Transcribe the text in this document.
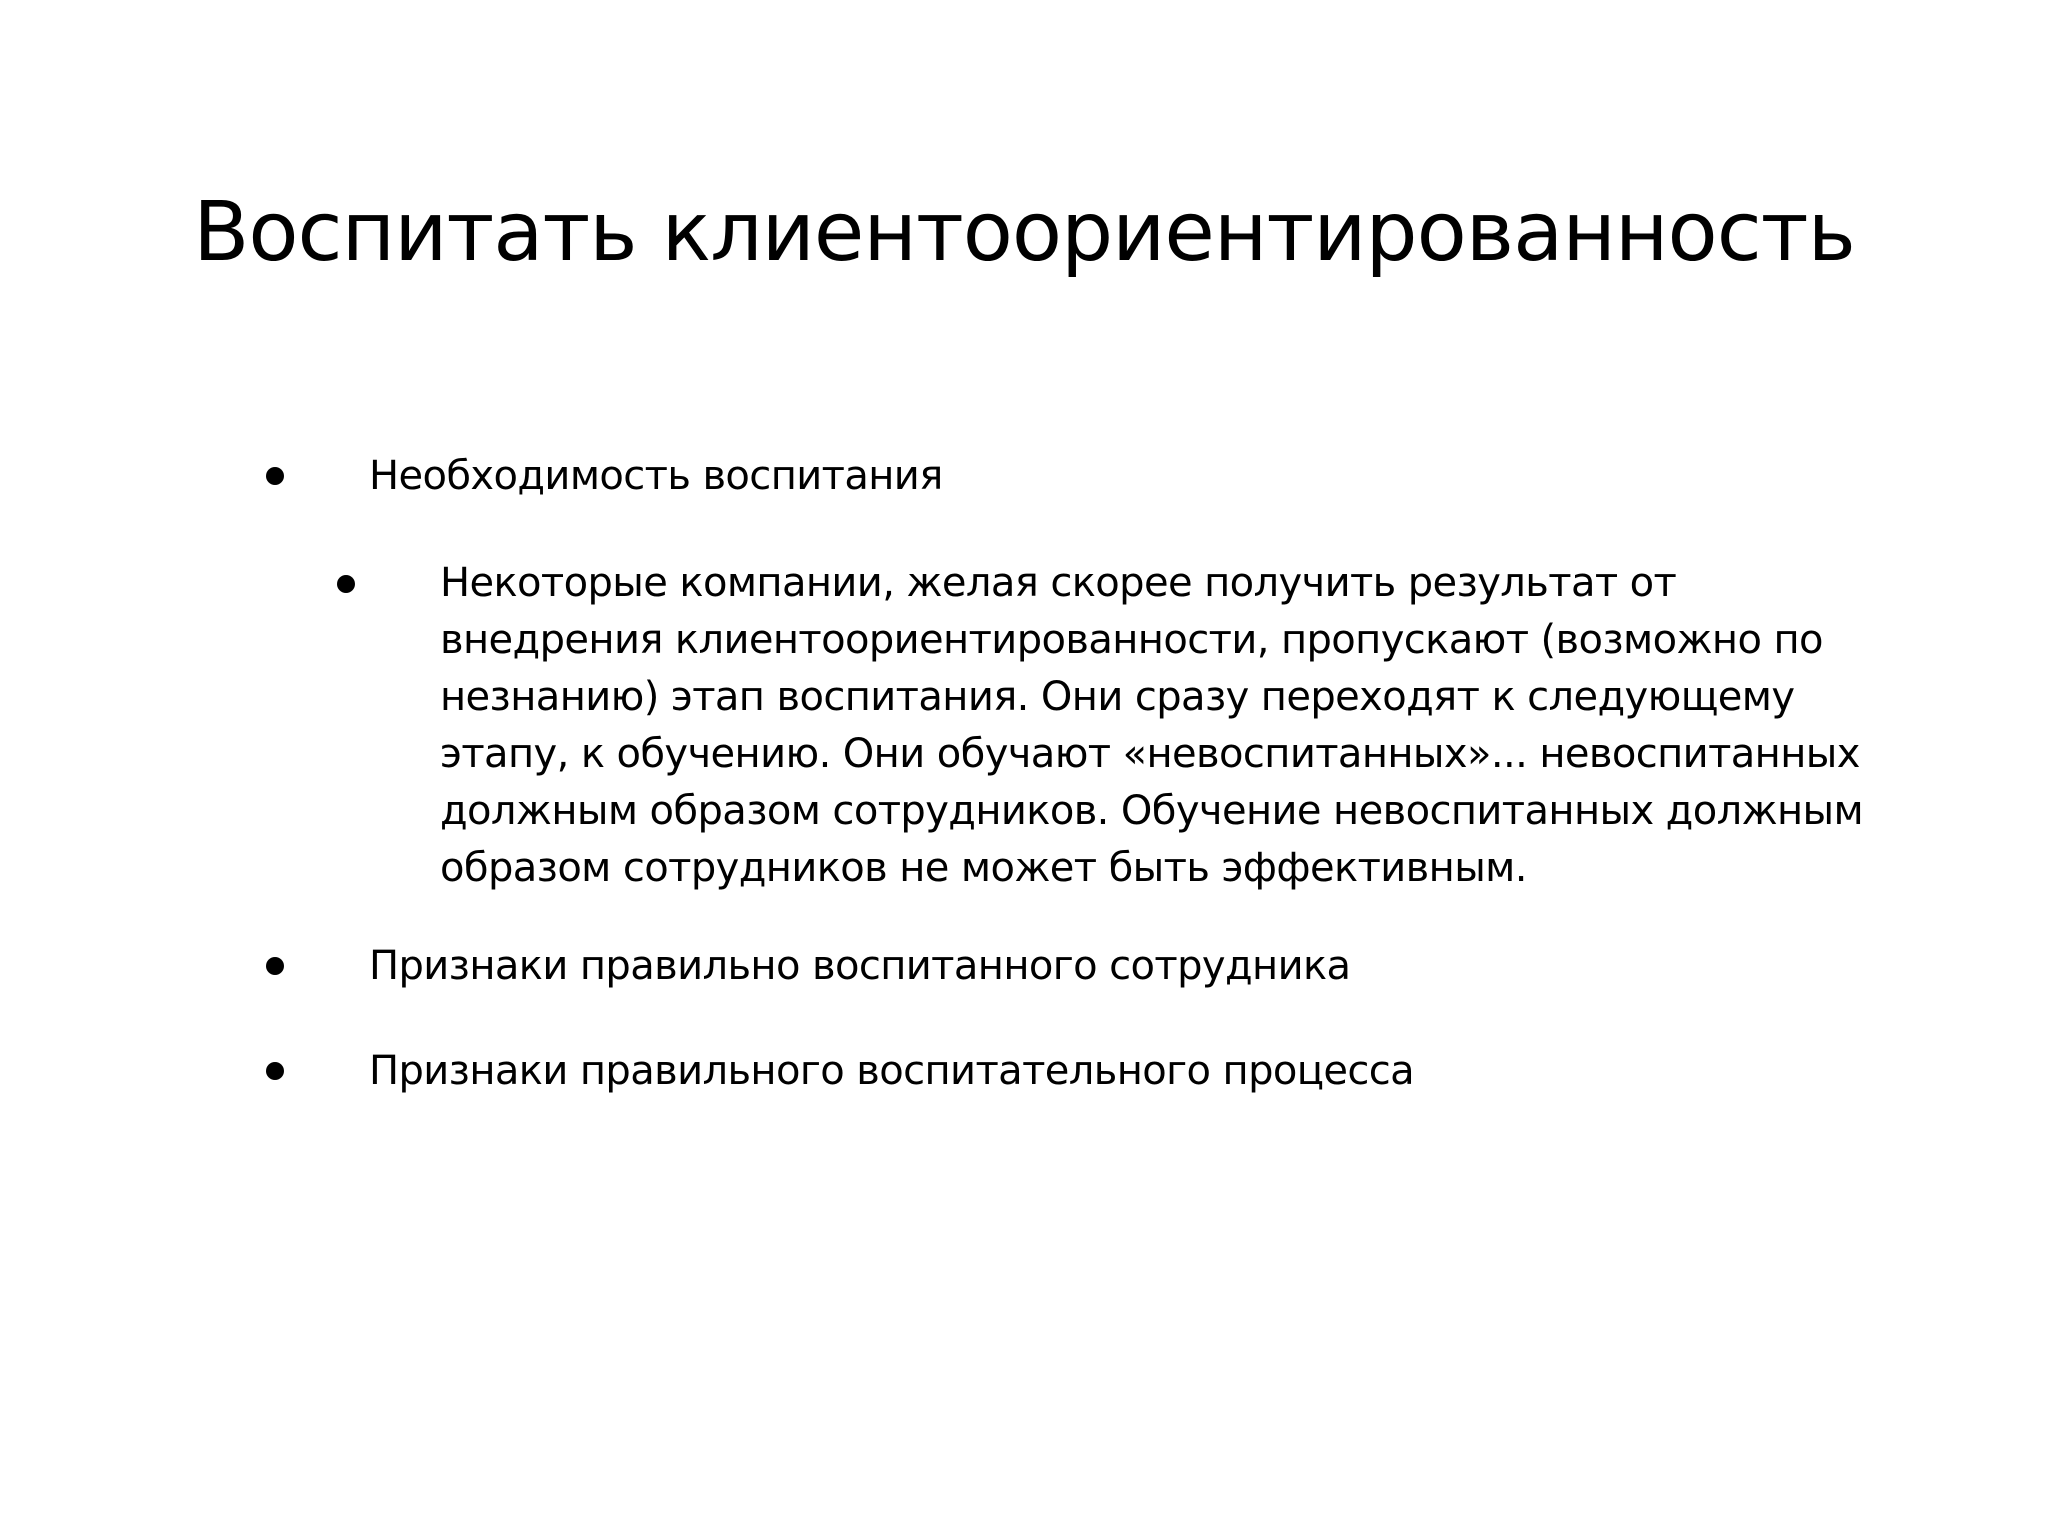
Воспитать клиентоориентированность
Необходимость воспитания
Некоторые компании, желая скорее получить результат от
внедрения клиентоориентированности, пропускают (возможно по
незнанию) этап воспитания. Они сразу переходят к следующему
этапу, к обучению. Они обучают «невоспитанных»... невоспитанных
должным образом сотрудников. Обучение невоспитанных должным
образом сотрудников не может быть эффективным.
Признаки правильно воспитанного сотрудника
Признаки правильного воспитательного процесса
